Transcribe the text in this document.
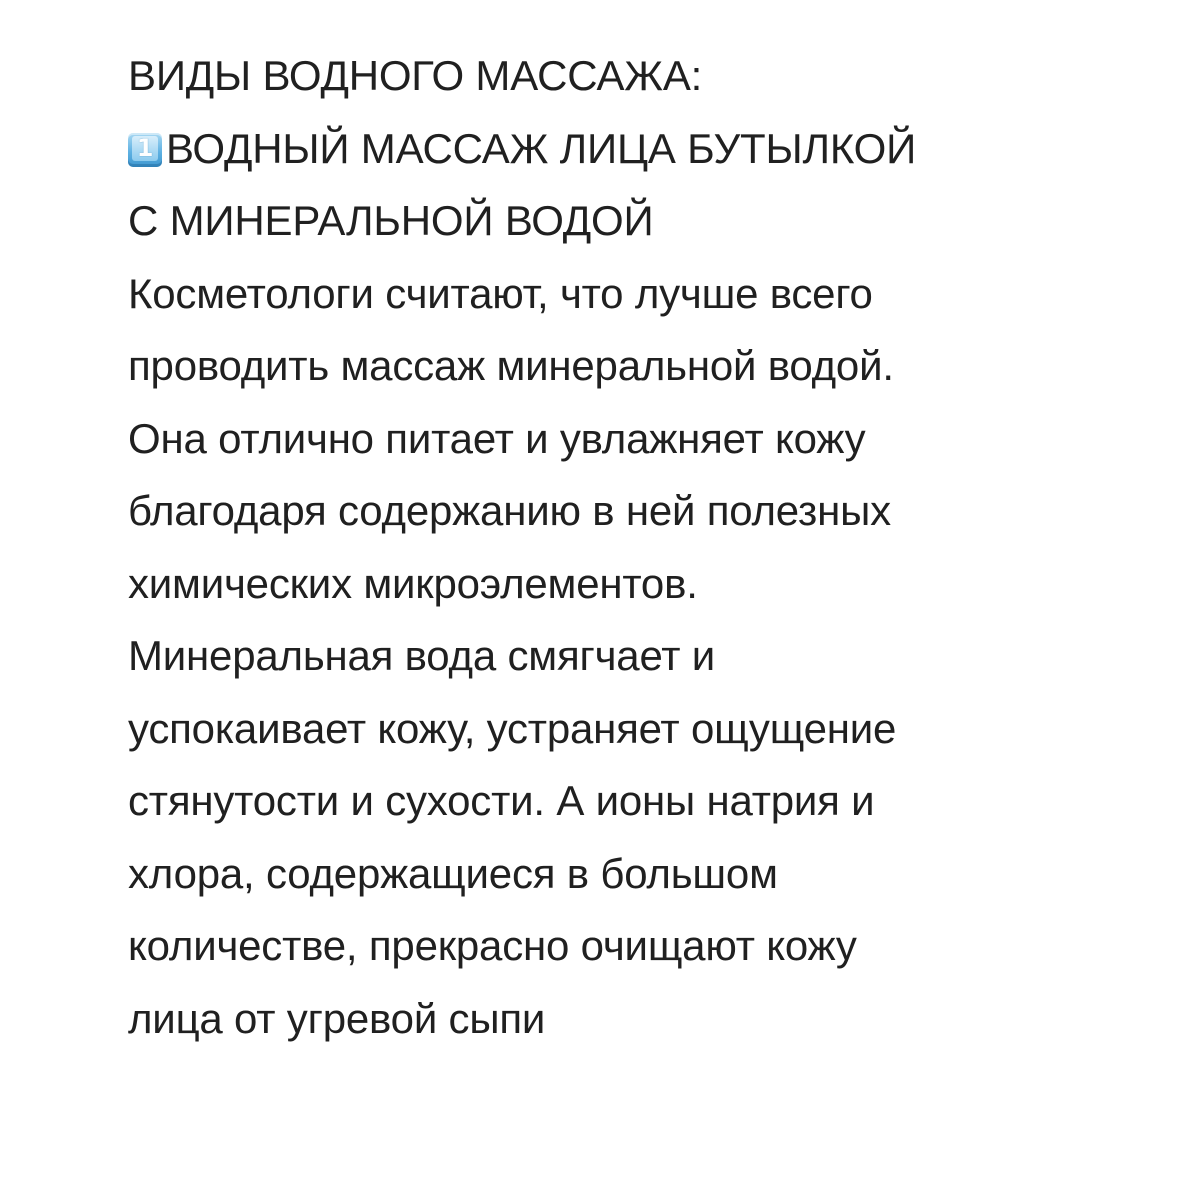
ВИДЫ ВОДНОГО МАССАЖА:
1 ВОДНЫЙ МАССАЖ ЛИЦА БУТЫЛКОЙ
С МИНЕРАЛЬНОЙ ВОДОЙ
Косметологи считают, что лучше всего
проводить массаж минеральной водой.
Она отлично питает и увлажняет кожу
благодаря содержанию в ней полезных
химических микроэлементов.
Минеральная вода смягчает и
успокаивает кожу, устраняет ощущение
стянутости и сухости. А ионы натрия и
хлора, содержащиеся в большом
количестве, прекрасно очищают кожу
лица от угревой сыпи
